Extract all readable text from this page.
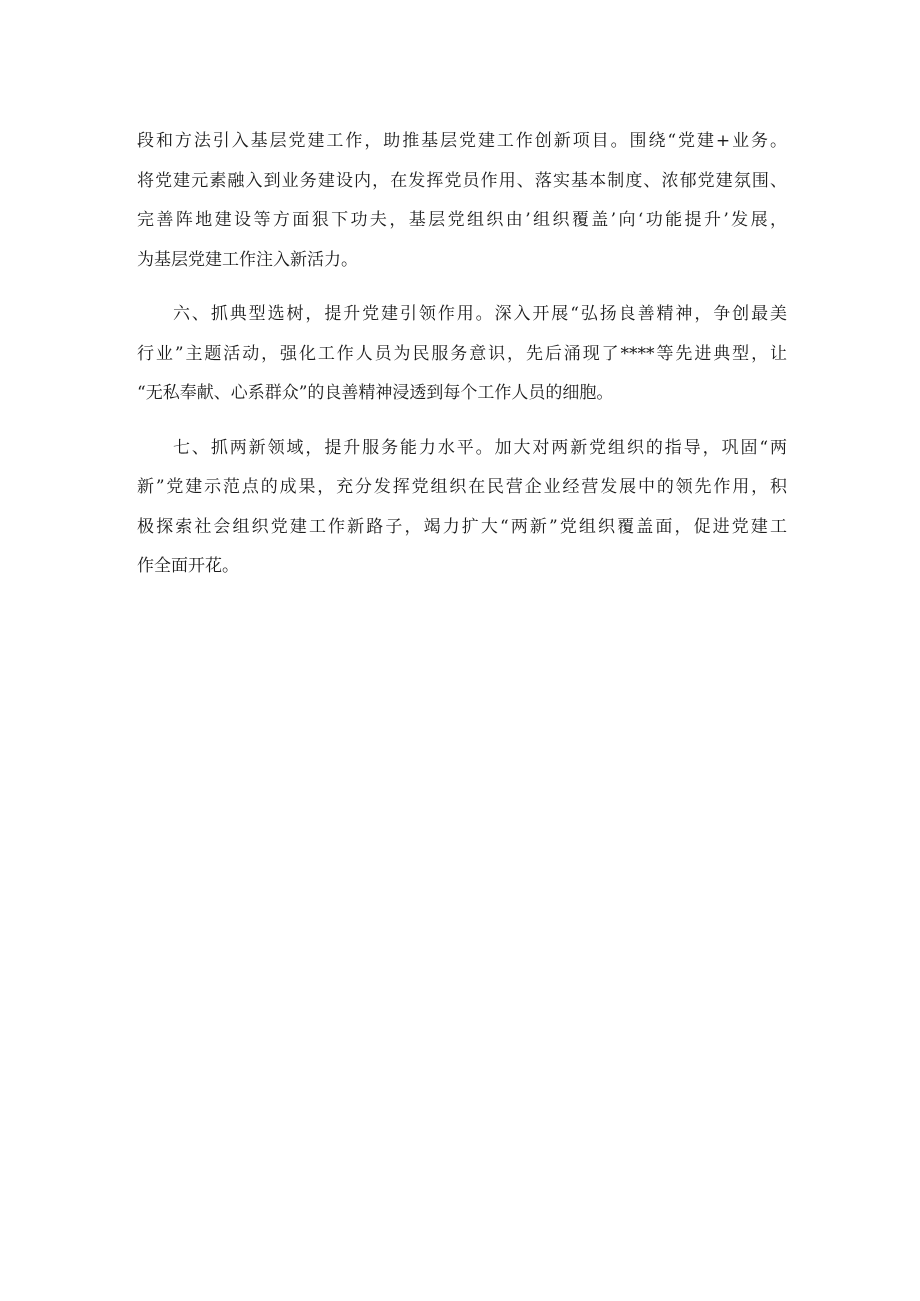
段和方法引入基层党建工作，助推基层党建工作创新项目。围绕“党建+业务。
将党建元素融入到业务建设内，在发挥党员作用、落实基本制度、浓郁党建氛围、
完善阵地建设等方面狠下功夫，基层党组织由’组织覆盖’向‘功能提升’发展，
为基层党建工作注入新活力。
六、抓典型选树，提升党建引领作用。深入开展“弘扬良善精神，争创最美
行业”主题活动，强化工作人员为民服务意识，先后涌现了****等先进典型，让
“无私奉献、心系群众”的良善精神浸透到每个工作人员的细胞。
七、抓两新领域，提升服务能力水平。加大对两新党组织的指导，巩固“两
新”党建示范点的成果，充分发挥党组织在民营企业经营发展中的领先作用，积
极探索社会组织党建工作新路子，竭力扩大“两新”党组织覆盖面，促进党建工
作全面开花。
